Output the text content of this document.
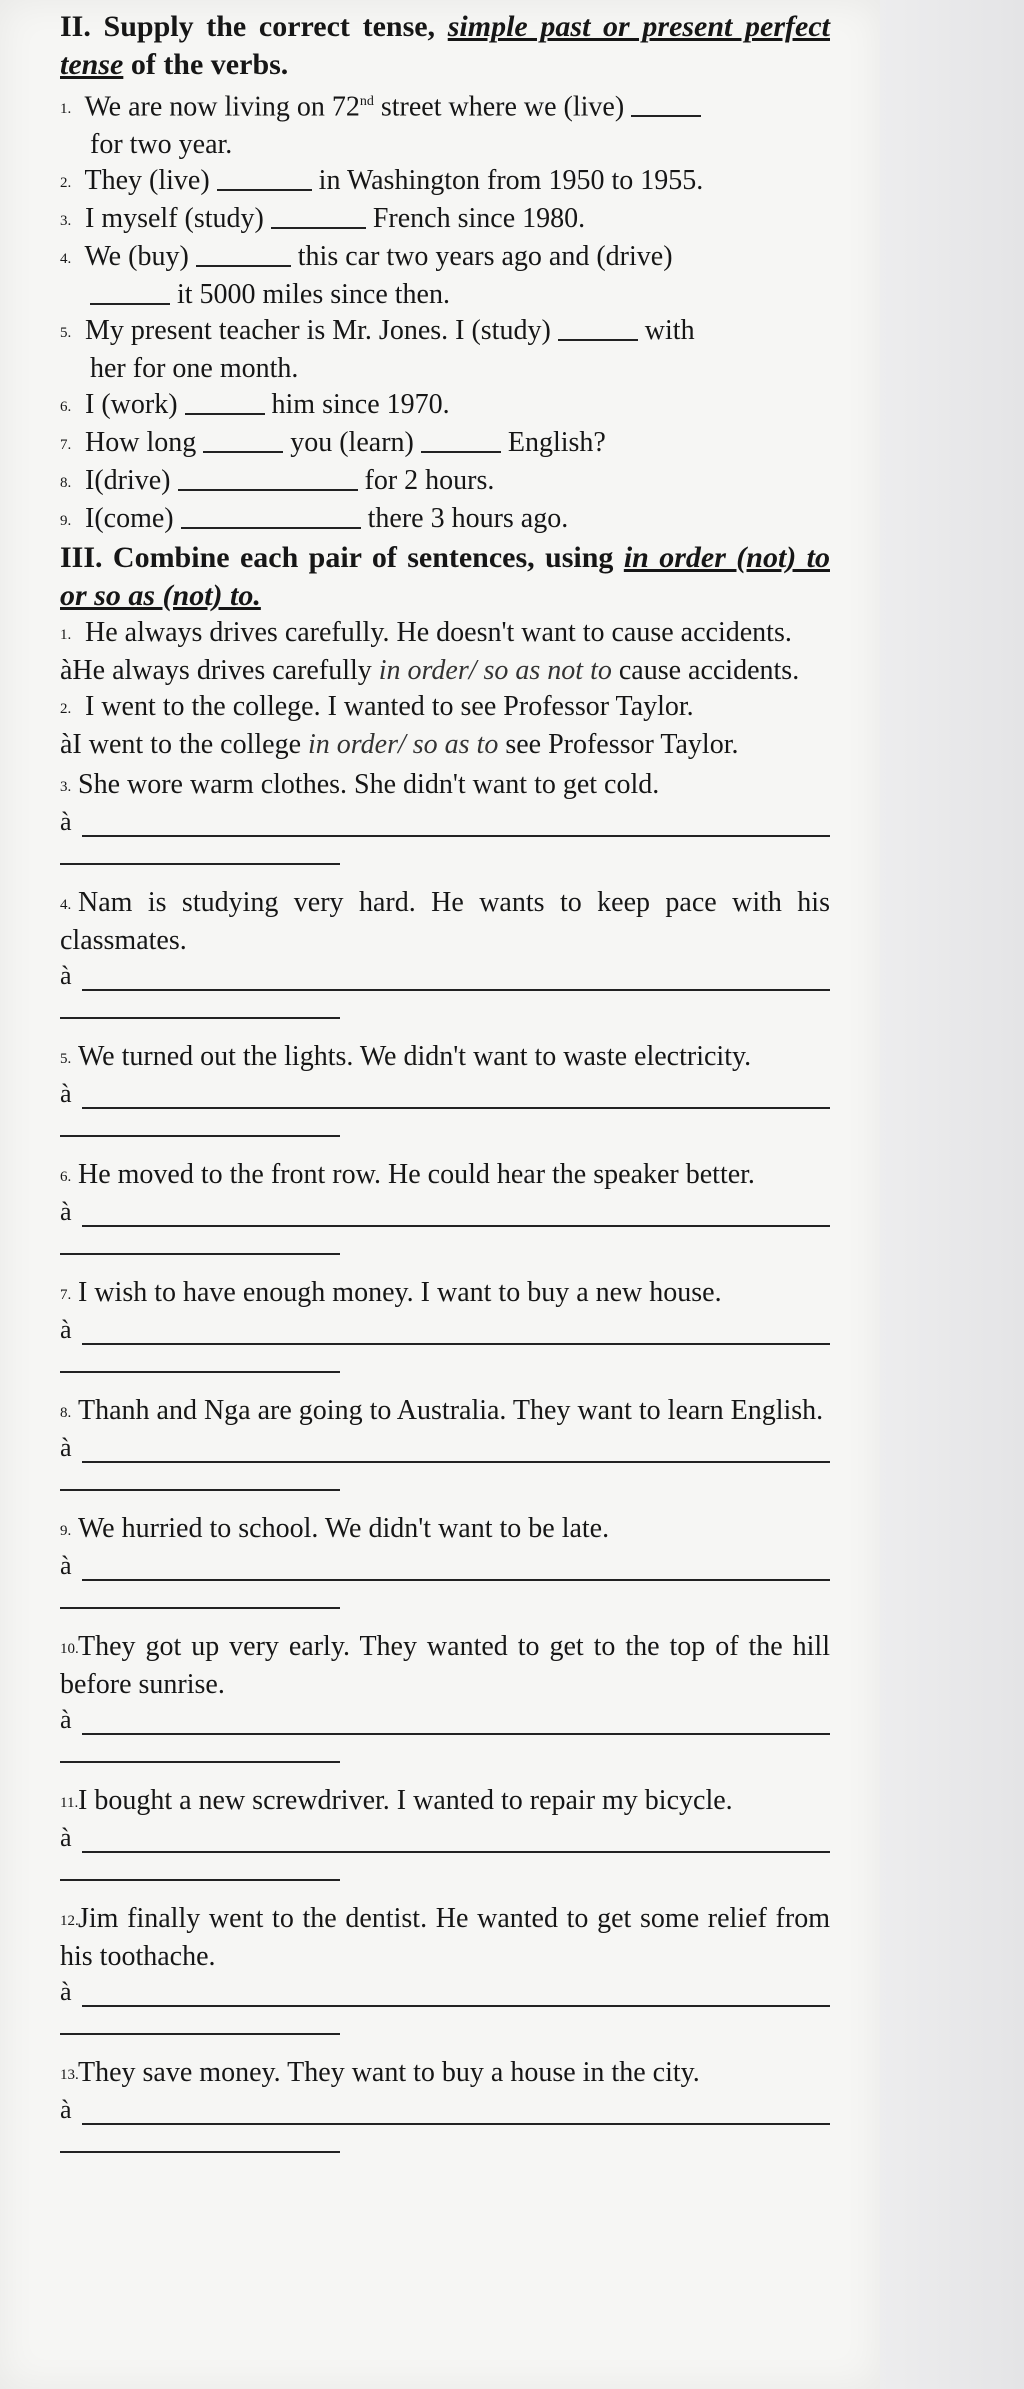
II. Supply the correct tense, simple past or present perfect tense of the verbs.

1. We are now living on 72nd street where we (live)
for two year.

2. They (live)	in Washington from 1950 to 1955.

3. I myself (study)	French since 1980.

4. We (buy)	this car two years ago and (drive)
it 5000 miles since then.

5. My present teacher is Mr. Jones. I (study)	with
her for one month.

6. I (work)	him since 1970.

7. How long	you (learn)	English?

8. I(drive)	for 2 hours.

9. I(come)	there 3 hours ago.

III. Combine each pair of sentences, using in order (not) to or so as (not) to.

1. He always drives carefully. He doesn't want to cause accidents.

àHe always drives carefully in order/ so as not to cause accidents.

2. I went to the college. I wanted to see Professor Taylor.

àI went to the college in order/ so as to see Professor Taylor.

3. She wore warm clothes. She didn't want to get cold.

à

4. Nam is studying very hard. He wants to keep pace with his classmates.

à

5. We turned out the lights. We didn't want to waste electricity.

à

6. He moved to the front row. He could hear the speaker better.

à

7. I wish to have enough money. I want to buy a new house.

à

8. Thanh and Nga are going to Australia. They want to learn English.

à

9. We hurried to school. We didn't want to be late.

à

10.They got up very early. They wanted to get to the top of the hill before sunrise.

à

11.I bought a new screwdriver. I wanted to repair my bicycle.

à

12.Jim finally went to the dentist. He wanted to get some relief from his toothache.

à

13.They save money. They want to buy a house in the city.

à
